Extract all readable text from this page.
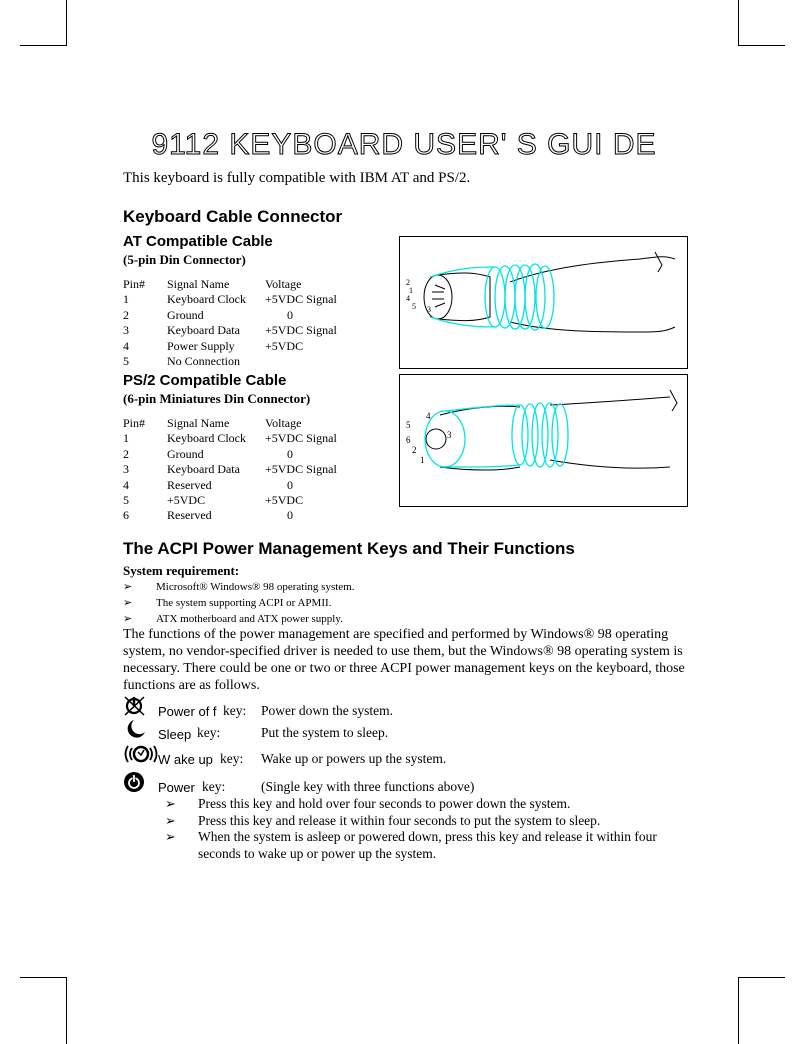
9112 KEYBOARD USER' S GUI DE
This keyboard is fully compatible with IBM AT and PS/2.
Keyboard Cable Connector
AT Compatible Cable
(5-pin Din Connector)
Pin#	Signal Name	Voltage
1	Keyboard Clock	+5VDC Signal
2	Ground	0
3	Keyboard Data	+5VDC Signal
4	Power Supply	+5VDC
5	No Connection	
2
1
4
5 3
PS/2 Compatible Cable
(6-pin Miniatures Din Connector)
Pin#	Signal Name	Voltage
1	Keyboard Clock	+5VDC Signal
2	Ground	0
3	Keyboard Data	+5VDC Signal
4	Reserved	0
5	+5VDC	+5VDC
6	Reserved	0
4
5
6	3
2
1
The ACPI Power Management Keys and Their Functions
System requirement:
➢ Microsoft® Windows® 98 operating system.
➢ The system supporting ACPI or APMII.
➢ ATX motherboard and ATX power supply.

The functions of the power management are specified and performed by Windows® 98 operating system, no vendor-specified driver is needed to use them, but the Windows® 98 operating system is necessary. There could be one or two or three ACPI power management keys on the keyboard, those functions are as follows.

Power of f key: Power down the system.
Sleep key:	Put the system to sleep.
W ake up key: Wake up or powers up the system.
Power key:	(Single key with three functions above)
➢ Press this key and hold over four seconds to power down the system.
➢ Press this key and release it within four seconds to put the system to sleep.
➢ When the system is asleep or powered down, press this key and release it within four seconds to wake up or power up the system.
